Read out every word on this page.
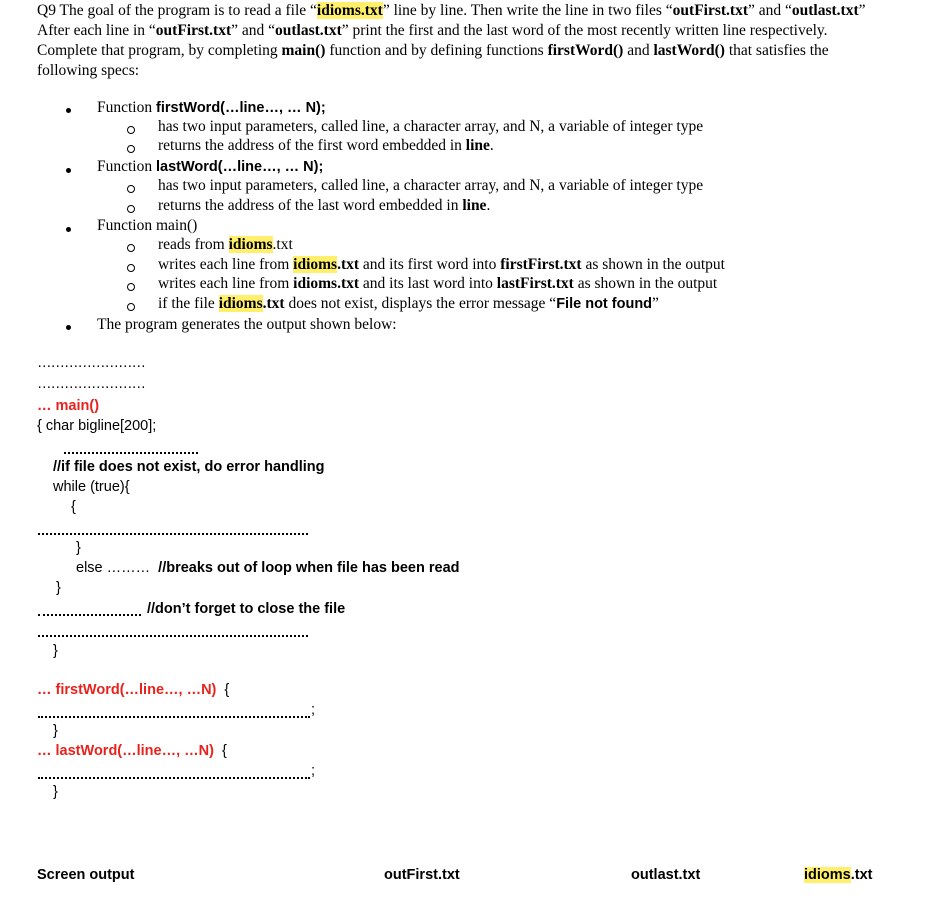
Q9 The goal of the program is to read a file “idioms.txt” line by line. Then write the line in two files “outFirst.txt” and “outlast.txt”
After each line in “outFirst.txt” and “outlast.txt” print the first and the last word of the most recently written line respectively.
Complete that program, by completing main() function and by defining functions firstWord() and lastWord() that satisfies the
following specs:
Function firstWord(…line…, … N);
has two input parameters, called line, a character array, and N, a variable of integer type
returns the address of the first word embedded in line.
Function lastWord(…line…, … N);
has two input parameters, called line, a character array, and N, a variable of integer type
returns the address of the last word embedded in line.
Function main()
reads from idioms.txt
writes each line from idioms.txt and its first word into firstFirst.txt as shown in the output
writes each line from idioms.txt and its last word into lastFirst.txt as shown in the output
if the file idioms.txt does not exist, displays the error message “File not found”
The program generates the output shown below:
……………………
……………………
… main()
{ char bigline[200];
//if file does not exist, do error handling
while (true){
{
}
else ……… //breaks out of loop when file has been read
}
//don’t forget to close the file
}
… firstWord(…line…, …N) {
;
}
… lastWord(…line…, …N) {
;
}
Screen output	outFirst.txt	outlast.txt	idioms.txt
